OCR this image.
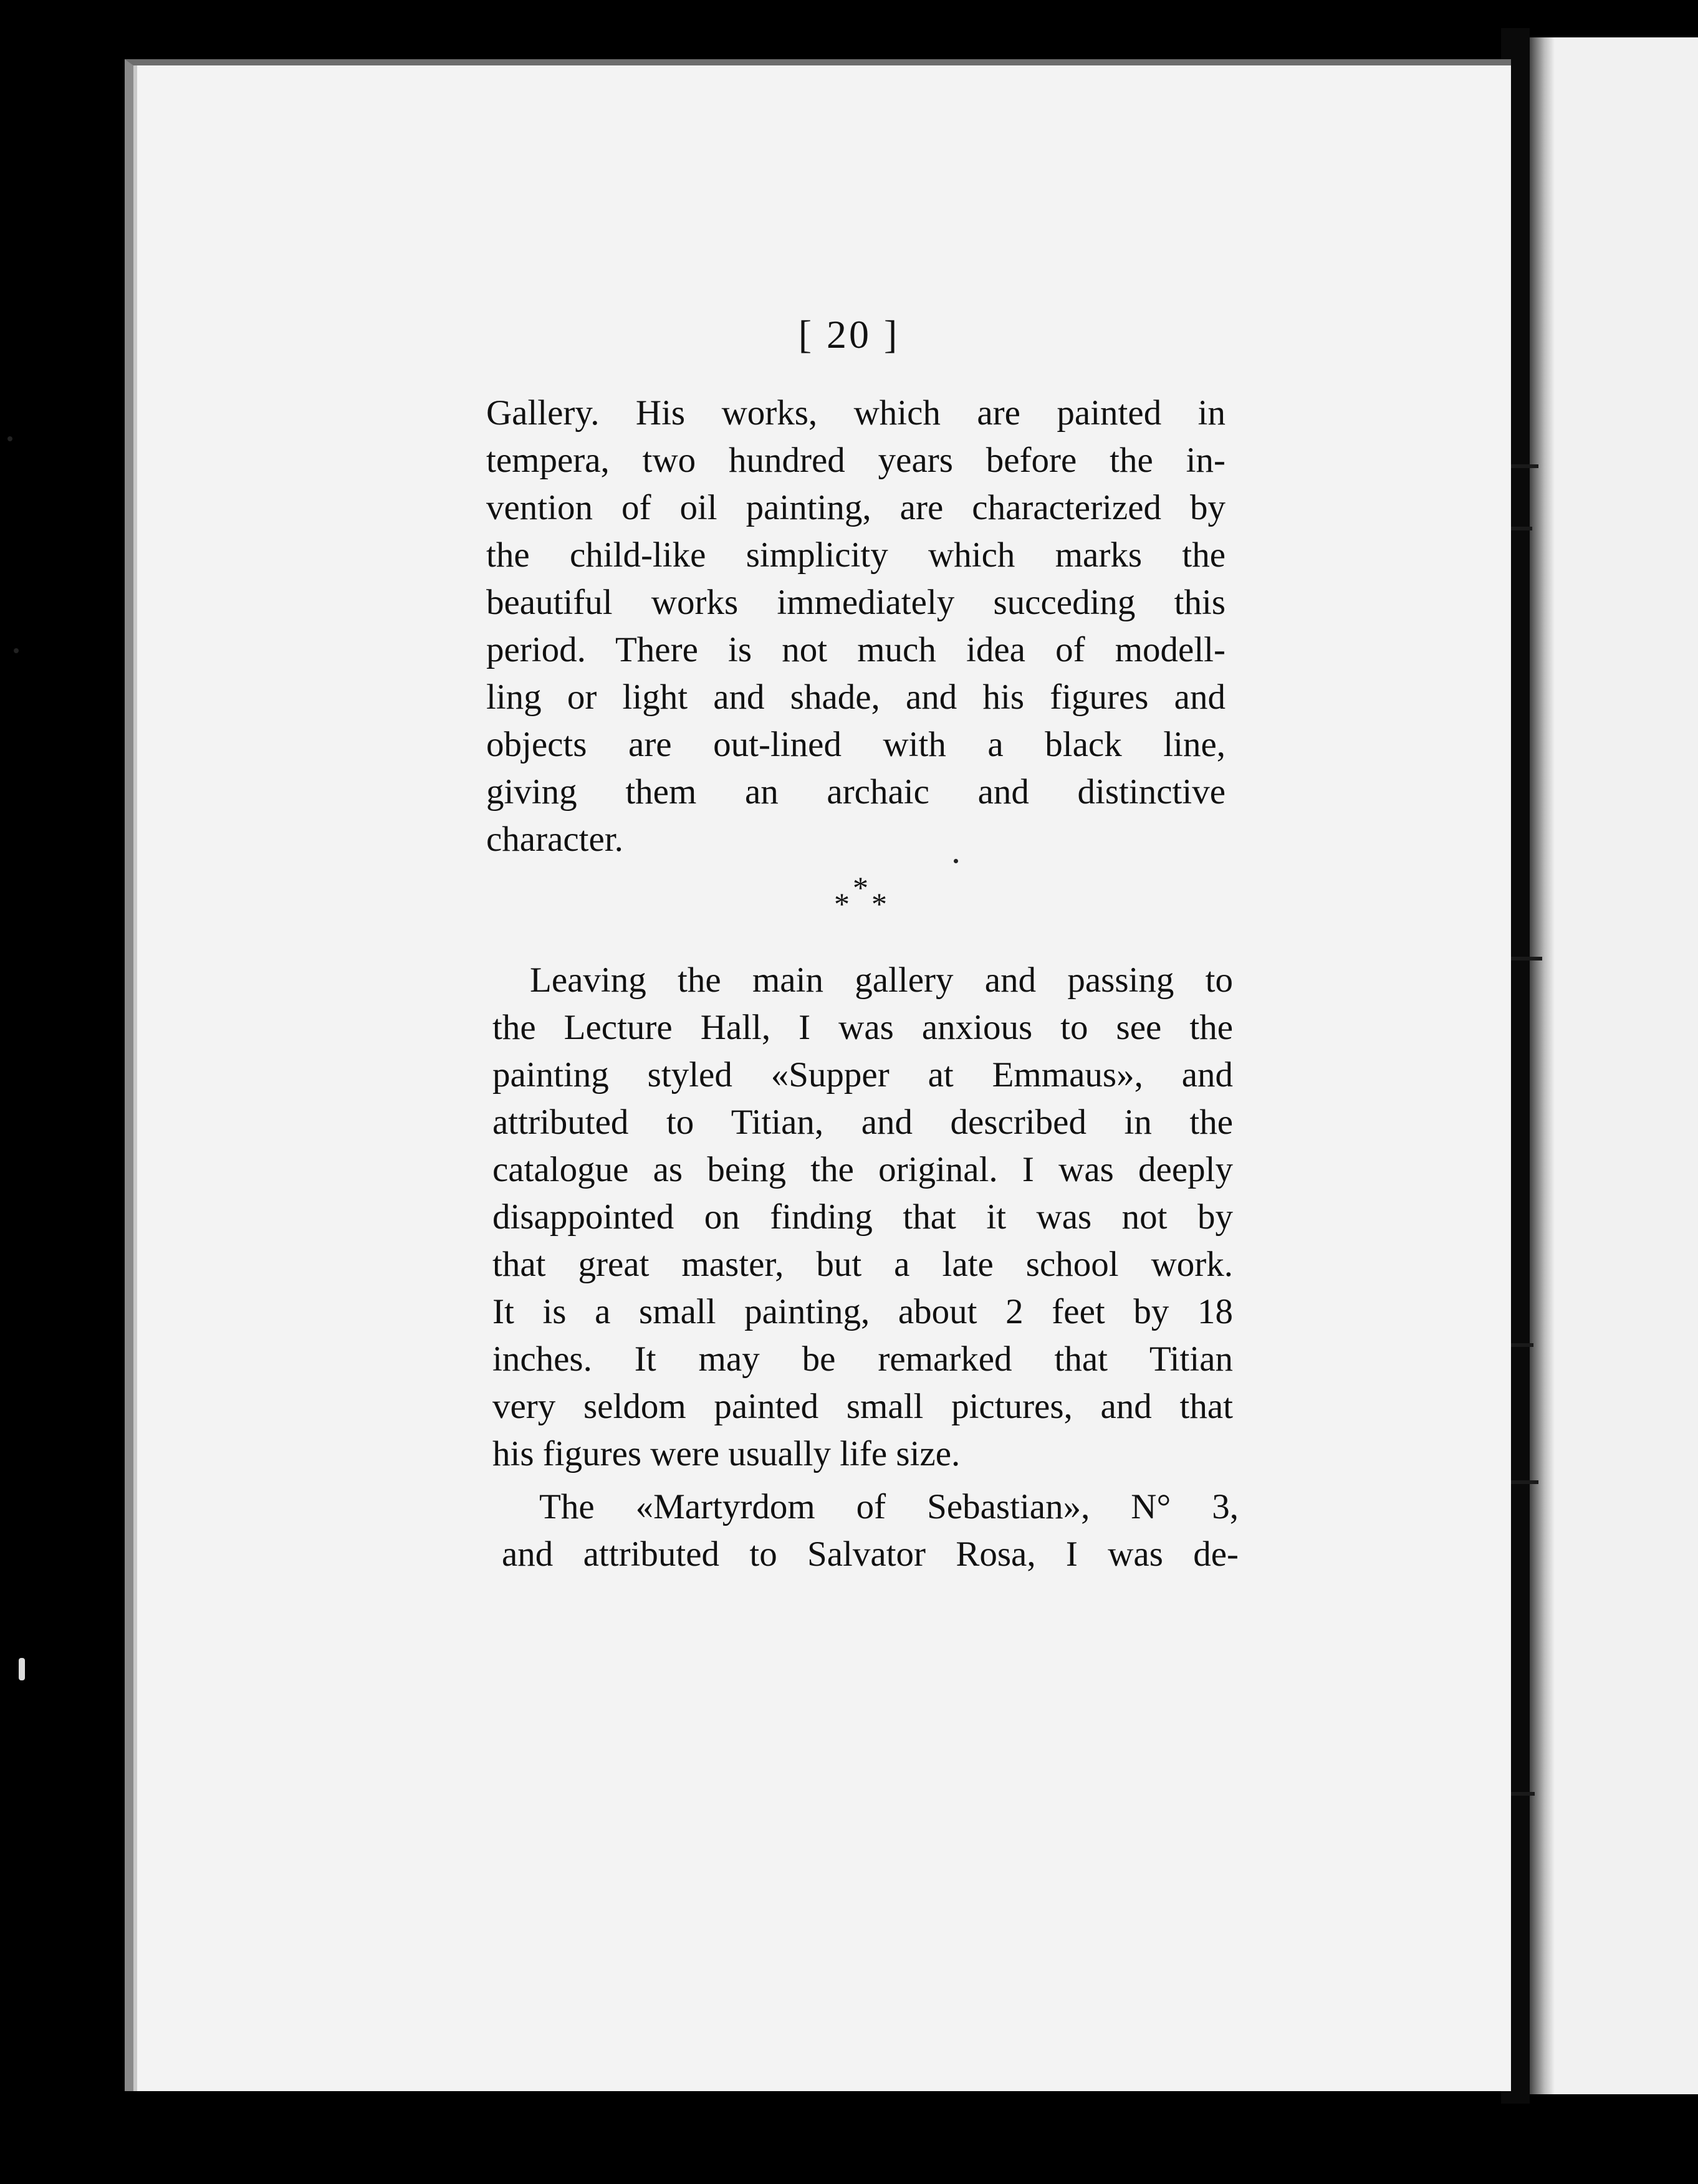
[ 20 ]
Gallery. His works, which are painted in
tempera, two hundred years before the in-
vention of oil painting, are characterized by
the child-like simplicity which marks the
beautiful works immediately succeding this
period. There is not much idea of modell-
ling or light and shade, and his figures and
objects are out-lined with a black line,
giving them an archaic and distinctive
character.
*
* *
Leaving the main gallery and passing to
the Lecture Hall, I was anxious to see the
painting styled «Supper at Emmaus», and
attributed to Titian, and described in the
catalogue as being the original. I was deeply
disappointed on finding that it was not by
that great master, but a late school work.
It is a small painting, about 2 feet by 18
inches. It may be remarked that Titian
very seldom painted small pictures, and that
his figures were usually life size.
The «Martyrdom of Sebastian», N° 3,
and attributed to Salvator Rosa, I was de-
